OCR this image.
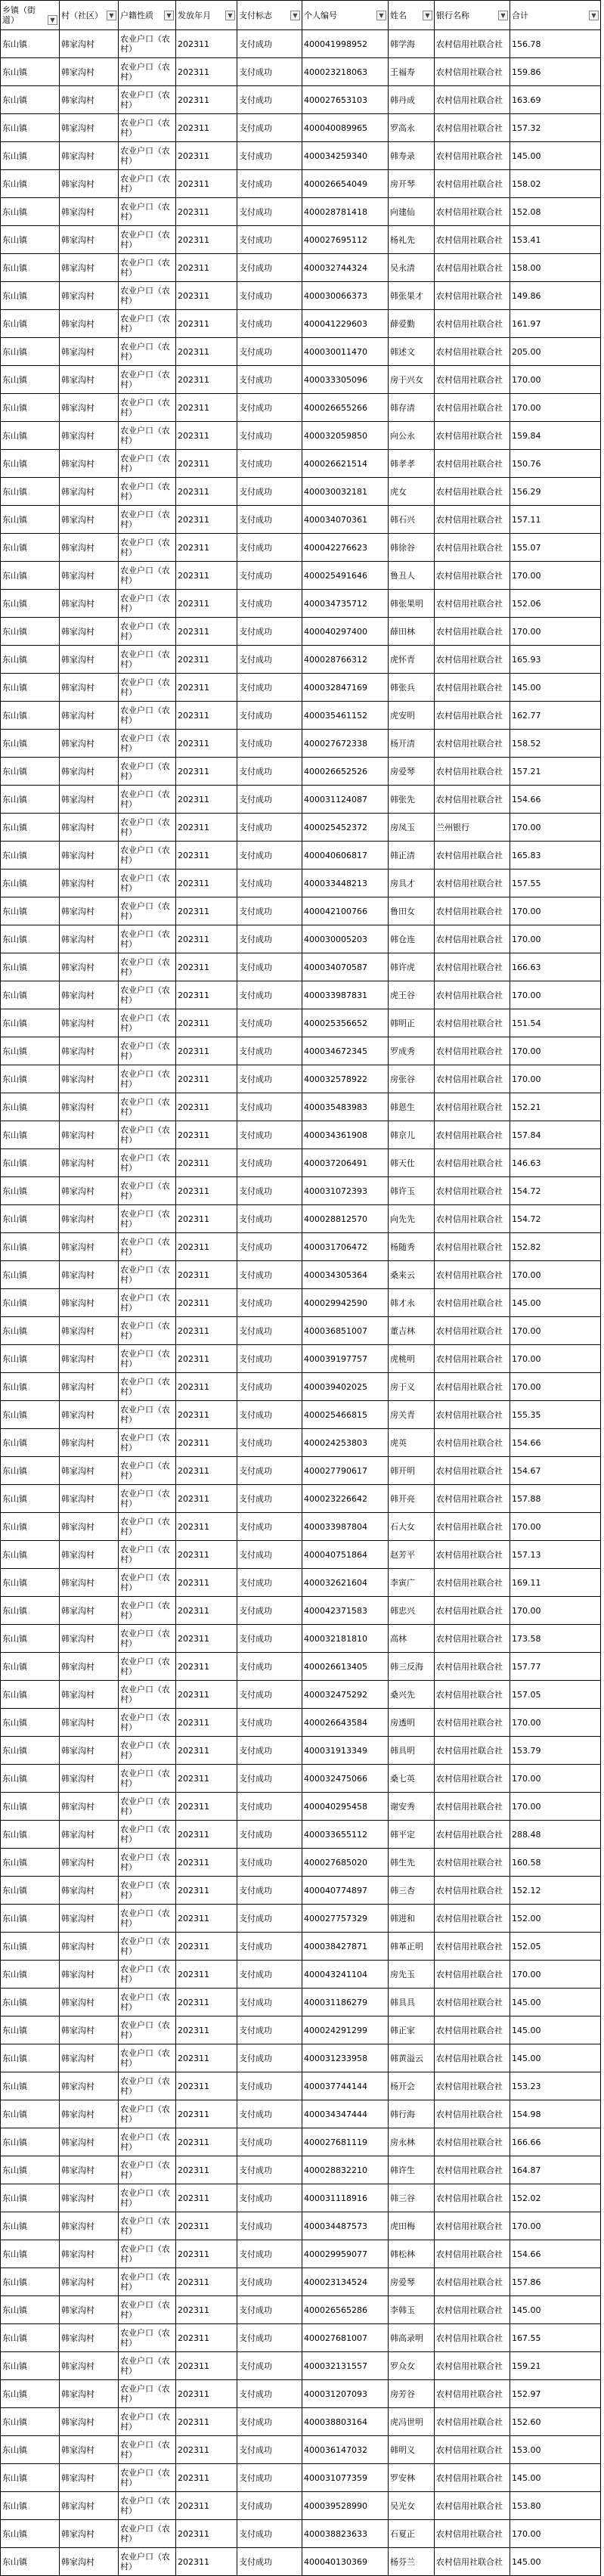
乡镇（街道） ▼	村（社区） ▼	户籍性质 ▼	发放年月 ▼	支付标志 ▼	个人编号 ▼	姓名 ▼	银行名称 ▼	合计 ▼

东山镇	韩家沟村	农业户口（农村）	202311	支付成功	400041998952	韩学海	农村信用社联合社	156.78
东山镇	韩家沟村	农业户口（农村）	202311	支付成功	400023218063	王福寿	农村信用社联合社	159.86
东山镇	韩家沟村	农业户口（农村）	202311	支付成功	400027653103	韩丹成	农村信用社联合社	163.69
东山镇	韩家沟村	农业户口（农村）	202311	支付成功	400040089965	罗高永	农村信用社联合社	157.32
东山镇	韩家沟村	农业户口（农村）	202311	支付成功	400034259340	韩寿录	农村信用社联合社	145.00
东山镇	韩家沟村	农业户口（农村）	202311	支付成功	400026654049	房开琴	农村信用社联合社	158.02
东山镇	韩家沟村	农业户口（农村）	202311	支付成功	400028781418	向建仙	农村信用社联合社	152.08
东山镇	韩家沟村	农业户口（农村）	202311	支付成功	400027695112	杨礼先	农村信用社联合社	153.41
东山镇	韩家沟村	农业户口（农村）	202311	支付成功	400032744324	吴永清	农村信用社联合社	158.00
东山镇	韩家沟村	农业户口（农村）	202311	支付成功	400030066373	韩张果才	农村信用社联合社	149.86
东山镇	韩家沟村	农业户口（农村）	202311	支付成功	400041229603	薛爱勤	农村信用社联合社	161.97
东山镇	韩家沟村	农业户口（农村）	202311	支付成功	400030011470	韩述文	农村信用社联合社	205.00
东山镇	韩家沟村	农业户口（农村）	202311	支付成功	400033305096	房于兴女	农村信用社联合社	170.00
东山镇	韩家沟村	农业户口（农村）	202311	支付成功	400026655266	韩存清	农村信用社联合社	170.00
东山镇	韩家沟村	农业户口（农村）	202311	支付成功	400032059850	向公永	农村信用社联合社	159.84
东山镇	韩家沟村	农业户口（农村）	202311	支付成功	400026621514	韩孝孝	农村信用社联合社	150.76
东山镇	韩家沟村	农业户口（农村）	202311	支付成功	400030032181	虎女	农村信用社联合社	156.29
东山镇	韩家沟村	农业户口（农村）	202311	支付成功	400034070361	韩石兴	农村信用社联合社	157.11
东山镇	韩家沟村	农业户口（农村）	202311	支付成功	400042276623	韩徐谷	农村信用社联合社	155.07
东山镇	韩家沟村	农业户口（农村）	202311	支付成功	400025491646	鲁丑人	农村信用社联合社	170.00
东山镇	韩家沟村	农业户口（农村）	202311	支付成功	400034735712	韩张果明	农村信用社联合社	152.06
东山镇	韩家沟村	农业户口（农村）	202311	支付成功	400040297400	薛田林	农村信用社联合社	170.00
东山镇	韩家沟村	农业户口（农村）	202311	支付成功	400028766312	虎怀青	农村信用社联合社	165.93
东山镇	韩家沟村	农业户口（农村）	202311	支付成功	400032847169	韩张兵	农村信用社联合社	145.00
东山镇	韩家沟村	农业户口（农村）	202311	支付成功	400035461152	虎安明	农村信用社联合社	162.77
东山镇	韩家沟村	农业户口（农村）	202311	支付成功	400027672338	杨开清	农村信用社联合社	158.52
东山镇	韩家沟村	农业户口（农村）	202311	支付成功	400026652526	房爱琴	农村信用社联合社	157.21
东山镇	韩家沟村	农业户口（农村）	202311	支付成功	400031124087	韩张先	农村信用社联合社	154.66
东山镇	韩家沟村	农业户口（农村）	202311	支付成功	400025452372	房凤玉	兰州银行	170.00
东山镇	韩家沟村	农业户口（农村）	202311	支付成功	400040606817	韩正清	农村信用社联合社	165.83
东山镇	韩家沟村	农业户口（农村）	202311	支付成功	400033448213	房具才	农村信用社联合社	157.55
东山镇	韩家沟村	农业户口（农村）	202311	支付成功	400042100766	鲁田女	农村信用社联合社	170.00
东山镇	韩家沟村	农业户口（农村）	202311	支付成功	400030005203	韩仓连	农村信用社联合社	170.00
东山镇	韩家沟村	农业户口（农村）	202311	支付成功	400034070587	韩许虎	农村信用社联合社	166.63
东山镇	韩家沟村	农业户口（农村）	202311	支付成功	400033987831	虎王谷	农村信用社联合社	170.00
东山镇	韩家沟村	农业户口（农村）	202311	支付成功	400025356652	韩明正	农村信用社联合社	151.54
东山镇	韩家沟村	农业户口（农村）	202311	支付成功	400034672345	罗成秀	农村信用社联合社	170.00
东山镇	韩家沟村	农业户口（农村）	202311	支付成功	400032578922	房张谷	农村信用社联合社	170.00
东山镇	韩家沟村	农业户口（农村）	202311	支付成功	400035483983	韩恩生	农村信用社联合社	152.21
东山镇	韩家沟村	农业户口（农村）	202311	支付成功	400034361908	韩京儿	农村信用社联合社	157.84
东山镇	韩家沟村	农业户口（农村）	202311	支付成功	400037206491	韩天仕	农村信用社联合社	146.63
东山镇	韩家沟村	农业户口（农村）	202311	支付成功	400031072393	韩许玉	农村信用社联合社	154.72
东山镇	韩家沟村	农业户口（农村）	202311	支付成功	400028812570	向先先	农村信用社联合社	154.72
东山镇	韩家沟村	农业户口（农村）	202311	支付成功	400031706472	杨随秀	农村信用社联合社	152.82
东山镇	韩家沟村	农业户口（农村）	202311	支付成功	400034305364	桑来云	农村信用社联合社	170.00
东山镇	韩家沟村	农业户口（农村）	202311	支付成功	400029942590	韩才永	农村信用社联合社	145.00
东山镇	韩家沟村	农业户口（农村）	202311	支付成功	400036851007	董吉林	农村信用社联合社	170.00
东山镇	韩家沟村	农业户口（农村）	202311	支付成功	400039197757	虎桃明	农村信用社联合社	170.00
东山镇	韩家沟村	农业户口（农村）	202311	支付成功	400039402025	房于义	农村信用社联合社	170.00
东山镇	韩家沟村	农业户口（农村）	202311	支付成功	400025466815	房关青	农村信用社联合社	155.35
东山镇	韩家沟村	农业户口（农村）	202311	支付成功	400024253803	虎英	农村信用社联合社	154.66
东山镇	韩家沟村	农业户口（农村）	202311	支付成功	400027790617	韩开明	农村信用社联合社	154.67
东山镇	韩家沟村	农业户口（农村）	202311	支付成功	400023226642	韩开亮	农村信用社联合社	157.88
东山镇	韩家沟村	农业户口（农村）	202311	支付成功	400033987804	石大女	农村信用社联合社	170.00
东山镇	韩家沟村	农业户口（农村）	202311	支付成功	400040751864	赵芳平	农村信用社联合社	157.13
东山镇	韩家沟村	农业户口（农村）	202311	支付成功	400032621604	李寅广	农村信用社联合社	169.11
东山镇	韩家沟村	农业户口（农村）	202311	支付成功	400042371583	韩忠兴	农村信用社联合社	170.00
东山镇	韩家沟村	农业户口（农村）	202311	支付成功	400032181810	高林	农村信用社联合社	173.58
东山镇	韩家沟村	农业户口（农村）	202311	支付成功	400026613405	韩三反海	农村信用社联合社	157.77
东山镇	韩家沟村	农业户口（农村）	202311	支付成功	400032475292	桑兴先	农村信用社联合社	157.05
东山镇	韩家沟村	农业户口（农村）	202311	支付成功	400026643584	房透明	农村信用社联合社	170.00
东山镇	韩家沟村	农业户口（农村）	202311	支付成功	400031913349	韩具明	农村信用社联合社	153.79
东山镇	韩家沟村	农业户口（农村）	202311	支付成功	400032475066	桑七英	农村信用社联合社	170.00
东山镇	韩家沟村	农业户口（农村）	202311	支付成功	400040295458	谢安秀	农村信用社联合社	170.00
东山镇	韩家沟村	农业户口（农村）	202311	支付成功	400033655112	韩平定	农村信用社联合社	288.48
东山镇	韩家沟村	农业户口（农村）	202311	支付成功	400027685020	韩生先	农村信用社联合社	160.58
东山镇	韩家沟村	农业户口（农村）	202311	支付成功	400040774897	韩三杏	农村信用社联合社	152.12
东山镇	韩家沟村	农业户口（农村）	202311	支付成功	400027757329	韩进和	农村信用社联合社	152.00
东山镇	韩家沟村	农业户口（农村）	202311	支付成功	400038427871	韩革正明	农村信用社联合社	152.05
东山镇	韩家沟村	农业户口（农村）	202311	支付成功	400043241104	房先玉	农村信用社联合社	170.00
东山镇	韩家沟村	农业户口（农村）	202311	支付成功	400031186279	韩具具	农村信用社联合社	145.00
东山镇	韩家沟村	农业户口（农村）	202311	支付成功	400024291299	韩正家	农村信用社联合社	145.00
东山镇	韩家沟村	农业户口（农村）	202311	支付成功	400031233958	韩黄溢云	农村信用社联合社	145.00
东山镇	韩家沟村	农业户口（农村）	202311	支付成功	400037744144	杨开会	农村信用社联合社	153.23
东山镇	韩家沟村	农业户口（农村）	202311	支付成功	400034347444	韩行海	农村信用社联合社	154.98
东山镇	韩家沟村	农业户口（农村）	202311	支付成功	400027681119	房永林	农村信用社联合社	166.66
东山镇	韩家沟村	农业户口（农村）	202311	支付成功	400028832210	韩许生	农村信用社联合社	164.87
东山镇	韩家沟村	农业户口（农村）	202311	支付成功	400031118916	韩三谷	农村信用社联合社	152.02
东山镇	韩家沟村	农业户口（农村）	202311	支付成功	400034487573	虎田梅	农村信用社联合社	170.00
东山镇	韩家沟村	农业户口（农村）	202311	支付成功	400029959077	韩松林	农村信用社联合社	154.66
东山镇	韩家沟村	农业户口（农村）	202311	支付成功	400023134524	房爱琴	农村信用社联合社	157.86
东山镇	韩家沟村	农业户口（农村）	202311	支付成功	400026565286	李韩玉	农村信用社联合社	145.00
东山镇	韩家沟村	农业户口（农村）	202311	支付成功	400027681007	韩高录明	农村信用社联合社	167.55
东山镇	韩家沟村	农业户口（农村）	202311	支付成功	400032131557	罗众女	农村信用社联合社	159.21
东山镇	韩家沟村	农业户口（农村）	202311	支付成功	400031207093	房芳谷	农村信用社联合社	152.97
东山镇	韩家沟村	农业户口（农村）	202311	支付成功	400038803164	虎冯世明	农村信用社联合社	152.60
东山镇	韩家沟村	农业户口（农村）	202311	支付成功	400036147032	韩明义	农村信用社联合社	153.00
东山镇	韩家沟村	农业户口（农村）	202311	支付成功	400031077359	罗安林	农村信用社联合社	145.00
东山镇	韩家沟村	农业户口（农村）	202311	支付成功	400039528990	吴光女	农村信用社联合社	153.80
东山镇	韩家沟村	农业户口（农村）	202311	支付成功	400038823633	石夏正	农村信用社联合社	170.00
东山镇	韩家沟村	农业户口（农村）	202311	支付成功	400040130369	杨芬兰	农村信用社联合社	145.00
